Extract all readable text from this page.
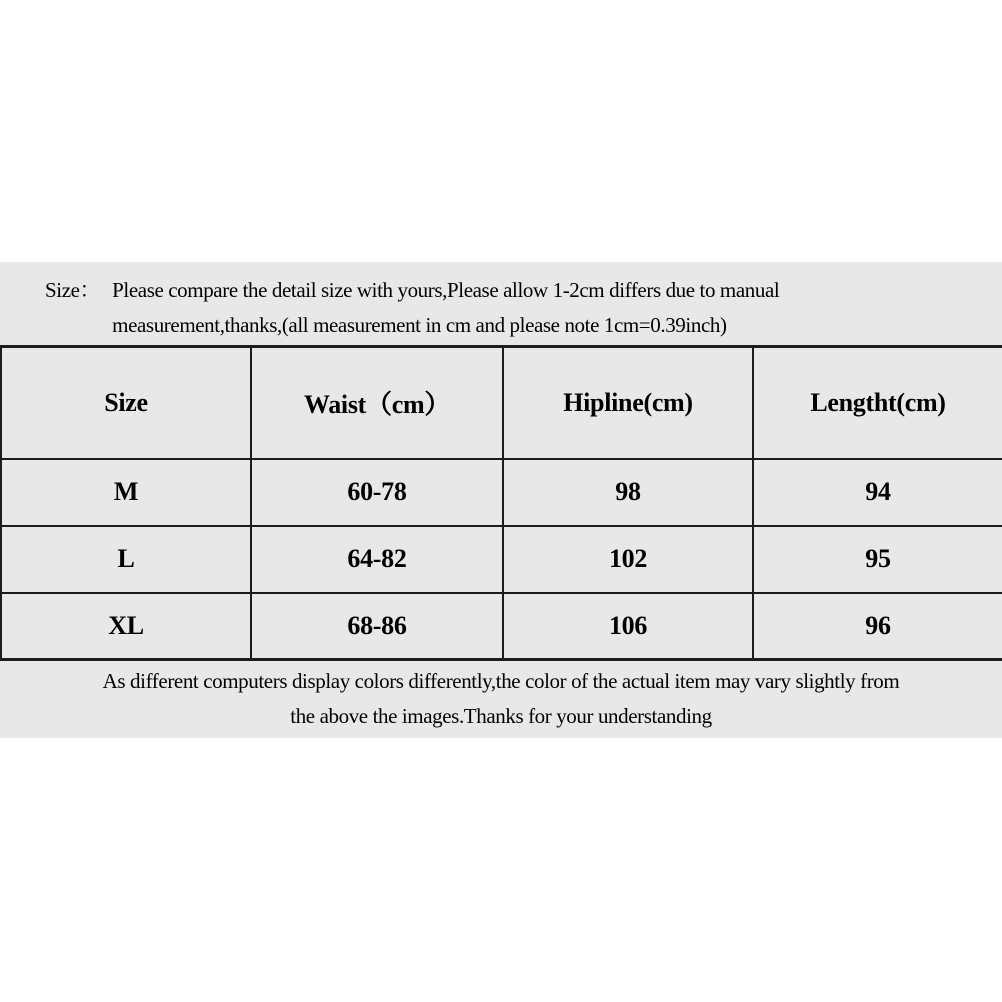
Size： Please compare the detail size with yours,Please allow 1-2cm differs due to manual
measurement,thanks,(all measurement in cm and please note 1cm=0.39inch)
Size	Waist（cm）	Hipline(cm)	Lengtht(cm)
M	60-78	98	94
L	64-82	102	95
XL	68-86	106	96
As different computers display colors differently,the color of the actual item may vary slightly from
the above the images.Thanks for your understanding
